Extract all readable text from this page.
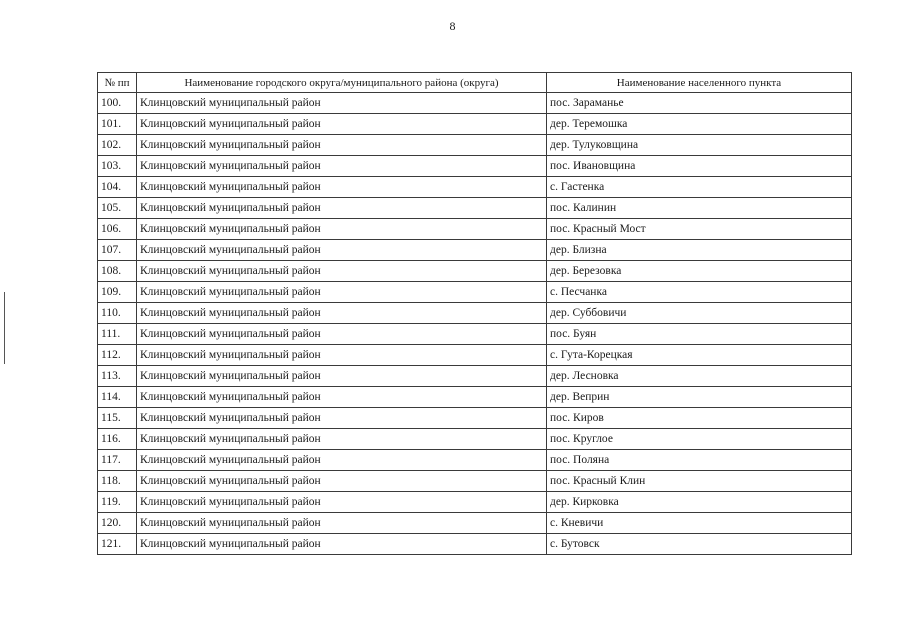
8
№ пп	Наименование городского округа/муниципального района (округа)	Наименование населенного пункта
100.	Клинцовский муниципальный район	пос. Зараманье
101.	Клинцовский муниципальный район	дер. Теремошка
102.	Клинцовский муниципальный район	дер. Тулуковщина
103.	Клинцовский муниципальный район	пос. Ивановщина
104.	Клинцовский муниципальный район	с. Гастенка
105.	Клинцовский муниципальный район	пос. Калинин
106.	Клинцовский муниципальный район	пос. Красный Мост
107.	Клинцовский муниципальный район	дер. Близна
108.	Клинцовский муниципальный район	дер. Березовка
109.	Клинцовский муниципальный район	с. Песчанка
110.	Клинцовский муниципальный район	дер. Суббовичи
111.	Клинцовский муниципальный район	пос. Буян
112.	Клинцовский муниципальный район	с. Гута-Корецкая
113.	Клинцовский муниципальный район	дер. Лесновка
114.	Клинцовский муниципальный район	дер. Веприн
115.	Клинцовский муниципальный район	пос. Киров
116.	Клинцовский муниципальный район	пос. Круглое
117.	Клинцовский муниципальный район	пос. Поляна
118.	Клинцовский муниципальный район	пос. Красный Клин
119.	Клинцовский муниципальный район	дер. Кирковка
120.	Клинцовский муниципальный район	с. Кневичи
121.	Клинцовский муниципальный район	с. Бутовск
